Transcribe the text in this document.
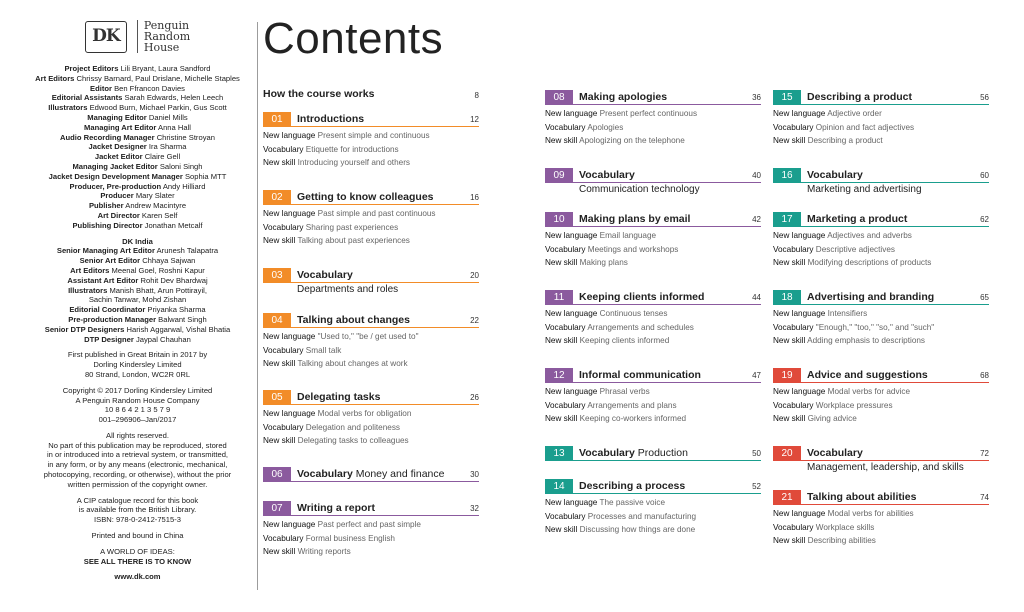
DK
Penguin
Random
House
Project Editors Lili Bryant, Laura Sandford
Art Editors Chrissy Barnard, Paul Drislane, Michelle Staples
Editor Ben Ffrancon Davies
Editorial Assistants Sarah Edwards, Helen Leech
Illustrators Edwood Burn, Michael Parkin, Gus Scott
Managing Editor Daniel Mills
Managing Art Editor Anna Hall
Audio Recording Manager Christine Stroyan
Jacket Designer Ira Sharma
Jacket Editor Claire Gell
Managing Jacket Editor Saloni Singh
Jacket Design Development Manager Sophia MTT
Producer, Pre-production Andy Hilliard
Producer Mary Slater
Publisher Andrew Macintyre
Art Director Karen Self
Publishing Director Jonathan Metcalf
DK India
Senior Managing Art Editor Arunesh Talapatra
Senior Art Editor Chhaya Sajwan
Art Editors Meenal Goel, Roshni Kapur
Assistant Art Editor Rohit Dev Bhardwaj
Illustrators Manish Bhatt, Arun Pottirayil,
Sachin Tanwar, Mohd Zishan
Editorial Coordinator Priyanka Sharma
Pre-production Manager Balwant Singh
Senior DTP Designers Harish Aggarwal, Vishal Bhatia
DTP Designer Jaypal Chauhan
First published in Great Britain in 2017 by
Dorling Kindersley Limited
80 Strand, London, WC2R 0RL
Copyright © 2017 Dorling Kindersley Limited
A Penguin Random House Company
10 8 6 4 2 1 3 5 7 9
001–296906–Jan/2017
All rights reserved.
No part of this publication may be reproduced, stored
in or introduced into a retrieval system, or transmitted,
in any form, or by any means (electronic, mechanical,
photocopying, recording, or otherwise), without the prior
written permission of the copyright owner.
A CIP catalogue record for this book
is available from the British Library.
ISBN: 978-0-2412-7515-3
Printed and bound in China
A WORLD OF IDEAS:
SEE ALL THERE IS TO KNOW
www.dk.com
Contents
How the course works	8
01	Introductions	12
New language Present simple and continuous
Vocabulary Etiquette for introductions
New skill Introducing yourself and others
02	Getting to know colleagues	16
New language Past simple and past continuous
Vocabulary Sharing past experiences
New skill Talking about past experiences
03	Vocabulary	20
Departments and roles
04	Talking about changes	22
New language "Used to," "be / get used to"
Vocabulary Small talk
New skill Talking about changes at work
05	Delegating tasks	26
New language Modal verbs for obligation
Vocabulary Delegation and politeness
New skill Delegating tasks to colleagues
06	Vocabulary Money and finance	30
07	Writing a report	32
New language Past perfect and past simple
Vocabulary Formal business English
New skill Writing reports
08	Making apologies	36
New language Present perfect continuous
Vocabulary Apologies
New skill Apologizing on the telephone
09	Vocabulary	40
Communication technology
10	Making plans by email	42
New language Email language
Vocabulary Meetings and workshops
New skill Making plans
11	Keeping clients informed	44
New language Continuous tenses
Vocabulary Arrangements and schedules
New skill Keeping clients informed
12	Informal communication	47
New language Phrasal verbs
Vocabulary Arrangements and plans
New skill Keeping co-workers informed
13	Vocabulary Production	50
14	Describing a process	52
New language The passive voice
Vocabulary Processes and manufacturing
New skill Discussing how things are done
15	Describing a product	56
New language Adjective order
Vocabulary Opinion and fact adjectives
New skill Describing a product
16	Vocabulary	60
Marketing and advertising
17	Marketing a product	62
New language Adjectives and adverbs
Vocabulary Descriptive adjectives
New skill Modifying descriptions of products
18	Advertising and branding	65
New language Intensifiers
Vocabulary "Enough," "too," "so," and "such"
New skill Adding emphasis to descriptions
19	Advice and suggestions	68
New language Modal verbs for advice
Vocabulary Workplace pressures
New skill Giving advice
20	Vocabulary	72
Management, leadership, and skills
21	Talking about abilities	74
New language Modal verbs for abilities
Vocabulary Workplace skills
New skill Describing abilities
